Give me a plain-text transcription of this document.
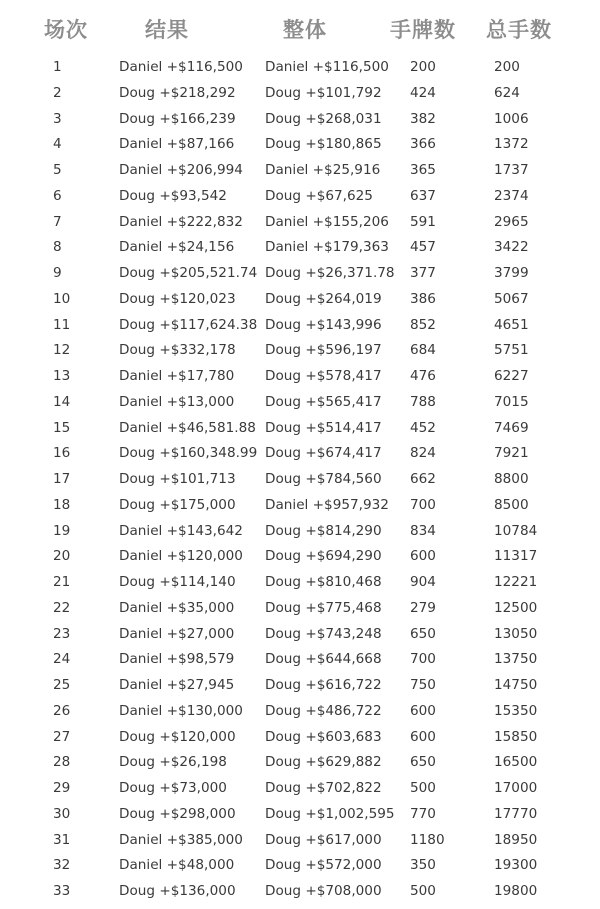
场次	结果	整体	手牌数 总手数
1	Daniel +$116,500 Daniel +$116,500 200	200
2	Doug +$218,292 Doug +$101,792 424	624
3	Doug +$166,239 Doug +$268,031 382	1006
4	Daniel +$87,166 Doug +$180,865 366	1372
5	Daniel +$206,994 Daniel +$25,916 365	1737
6	Doug +$93,542	Doug +$67,625	637	2374
7	Daniel +$222,832 Daniel +$155,206 591	2965
8	Daniel +$24,156 Daniel +$179,363 457	3422
9	Doug +$205,521.74 Doug +$26,371.78 377	3799
10	Doug +$120,023 Doug +$264,019 386	5067
11	Doug +$117,624.38 Doug +$143,996 852	4651
12	Doug +$332,178 Doug +$596,197 684	5751
13	Daniel +$17,780 Doug +$578,417 476	6227
14	Daniel +$13,000 Doug +$565,417 788	7015
15	Daniel +$46,581.88 Doug +$514,417 452	7469
16	Doug +$160,348.99 Doug +$674,417 824	7921
17	Doug +$101,713 Doug +$784,560 662	8800
18	Doug +$175,000 Daniel +$957,932 700	8500
19	Daniel +$143,642 Doug +$814,290 834	10784
20	Daniel +$120,000 Doug +$694,290 600	11317
21	Doug +$114,140 Doug +$810,468 904	12221
22	Daniel +$35,000 Doug +$775,468 279	12500
23	Daniel +$27,000 Doug +$743,248 650	13050
24	Daniel +$98,579 Doug +$644,668 700	13750
25	Daniel +$27,945 Doug +$616,722 750	14750
26	Daniel +$130,000 Doug +$486,722 600	15350
27	Doug +$120,000 Doug +$603,683 600	15850
28	Doug +$26,198	Doug +$629,882 650	16500
29	Doug +$73,000	Doug +$702,822 500	17000
30	Doug +$298,000 Doug +$1,002,595 770	17770
31	Daniel +$385,000 Doug +$617,000 1180	18950
32	Daniel +$48,000 Doug +$572,000 350	19300
33	Doug +$136,000 Doug +$708,000 500	19800
